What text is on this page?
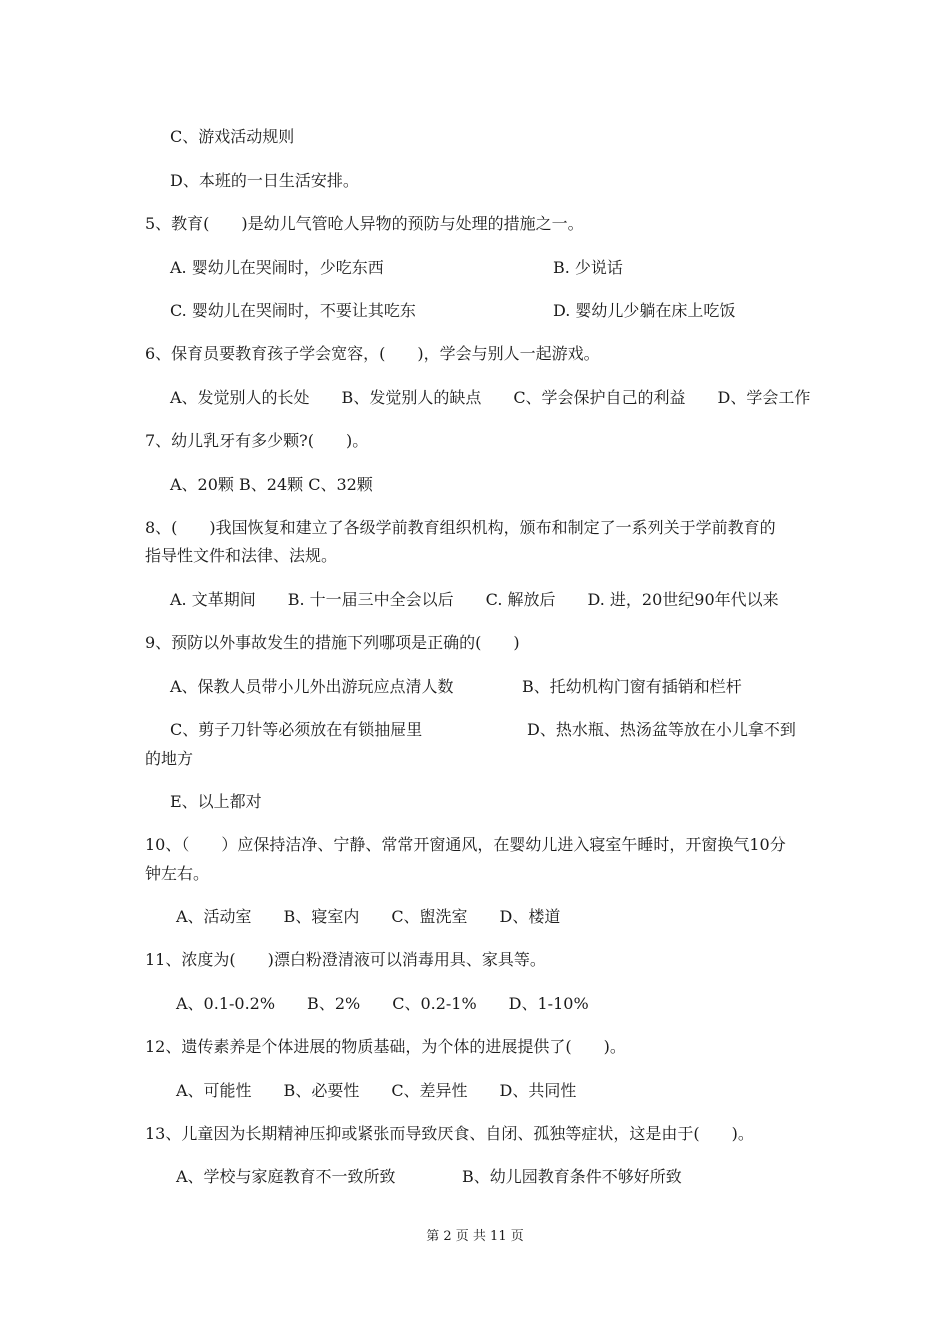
C、游戏活动规则
D、本班的一日生活安排。
5、教育(　　)是幼儿气管呛人异物的预防与处理的措施之一。
A. 婴幼儿在哭闹时，少吃东西	B. 少说话
C. 婴幼儿在哭闹时，不要让其吃东	D. 婴幼儿少躺在床上吃饭
6、保育员要教育孩子学会宽容，(　　)，学会与别人一起游戏。
A、发觉别人的长处　　B、发觉别人的缺点　　C、学会保护自己的利益　　D、学会工作
7、幼儿乳牙有多少颗?(　　)。
A、20颗 B、24颗 C、32颗
8、(　　)我国恢复和建立了各级学前教育组织机构，颁布和制定了一系列关于学前教育的
指导性文件和法律、法规。
A. 文革期间　　B. 十一届三中全会以后　　C. 解放后　　D. 进，20世纪90年代以来
9、预防以外事故发生的措施下列哪项是正确的(　　)
A、保教人员带小儿外出游玩应点清人数	B、托幼机构门窗有插销和栏杆
C、剪子刀针等必须放在有锁抽屉里	D、热水瓶、热汤盆等放在小儿拿不到
的地方
E、以上都对
10、（　　）应保持洁净、宁静、常常开窗通风，在婴幼儿进入寝室午睡时，开窗换气10分
钟左右。
A、活动室　　B、寝室内　　C、盥洗室　　D、楼道
11、浓度为(　　)漂白粉澄清液可以消毒用具、家具等。
A、0.1-0.2%　　B、2%　　C、0.2-1%　　D、1-10%
12、遗传素养是个体进展的物质基础，为个体的进展提供了(　　)。
A、可能性　　B、必要性　　C、差异性　　D、共同性
13、儿童因为长期精神压抑或紧张而导致厌食、自闭、孤独等症状，这是由于(　　)。
A、学校与家庭教育不一致所致	B、幼儿园教育条件不够好所致
第 2 页 共 11 页
